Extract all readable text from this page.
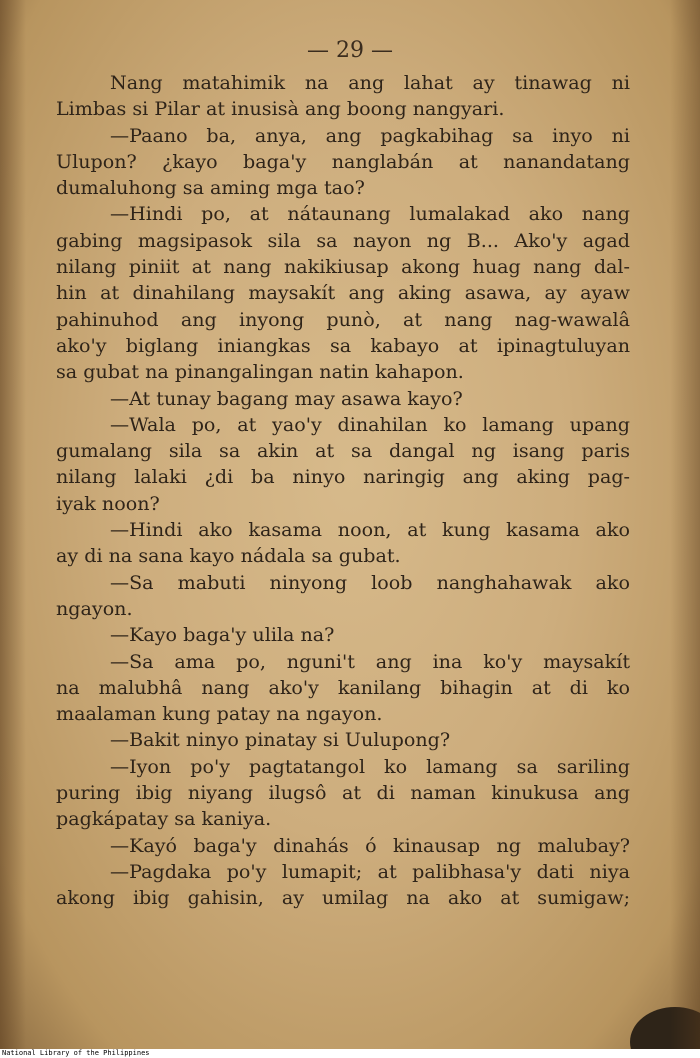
— 29 —
Nang matahimik na ang lahat ay tinawag ni
Limbas si Pilar at inusisà ang boong nangyari.
—Paano ba, anya, ang pagkabihag sa inyo ni
Ulupon? ¿kayo baga'y nanglabán at nanandatang
dumaluhong sa aming mga tao?
—Hindi po, at nátaunang lumalakad ako nang
gabing magsipasok sila sa nayon ng B... Ako'y agad
nilang piniit at nang nakikiusap akong huag nang dal-
hin at dinahilang maysakít ang aking asawa, ay ayaw
pahinuhod ang inyong punò, at nang nag-wawalâ
ako'y biglang iniangkas sa kabayo at ipinagtuluyan
sa gubat na pinangalingan natin kahapon.
—At tunay bagang may asawa kayo?
—Wala po, at yao'y dinahilan ko lamang upang
gumalang sila sa akin at sa dangal ng isang paris
nilang lalaki ¿di ba ninyo naringig ang aking pag-
iyak noon?
—Hindi ako kasama noon, at kung kasama ako
ay di na sana kayo nádala sa gubat.
—Sa mabuti ninyong loob nanghahawak ako
ngayon.
—Kayo baga'y ulila na?
—Sa ama po, nguni't ang ina ko'y maysakít
na malubhâ nang ako'y kanilang bihagin at di ko
maalaman kung patay na ngayon.
—Bakit ninyo pinatay si Uulupong?
—Iyon po'y pagtatangol ko lamang sa sariling
puring ibig niyang ilugsô at di naman kinukusa ang
pagkápatay sa kaniya.
—Kayó baga'y dinahás ó kinausap ng malubay?
—Pagdaka po'y lumapit; at palibhasa'y dati niya
akong ibig gahisin, ay umilag na ako at sumigaw;
National Library of the Philippines
